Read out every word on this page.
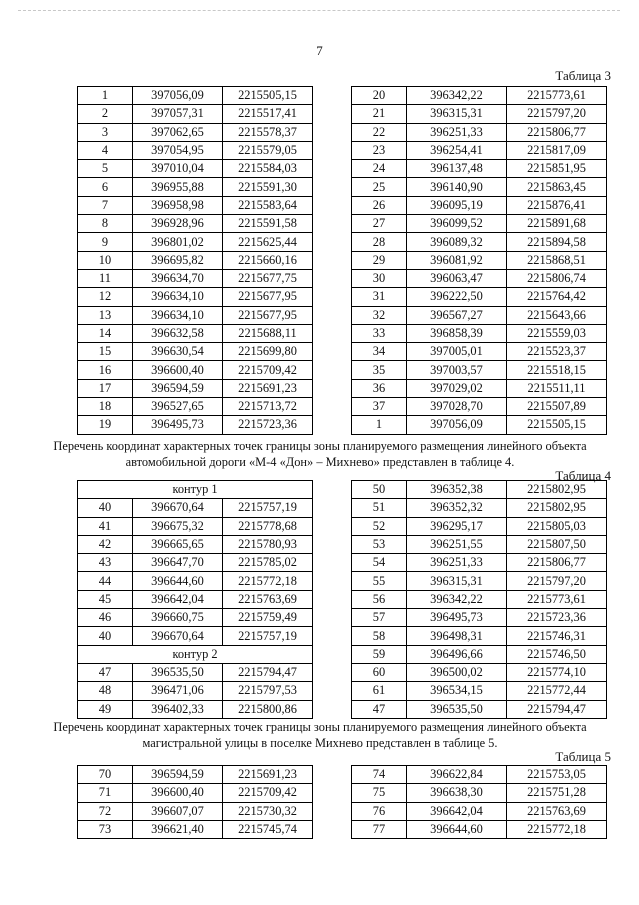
7
Таблица 3
1	397056,09	2215505,15
2	397057,31	2215517,41
3	397062,65	2215578,37
4	397054,95	2215579,05
5	397010,04	2215584,03
6	396955,88	2215591,30
7	396958,98	2215583,64
8	396928,96	2215591,58
9	396801,02	2215625,44
10	396695,82	2215660,16
11	396634,70	2215677,75
12	396634,10	2215677,95
13	396634,10	2215677,95
14	396632,58	2215688,11
15	396630,54	2215699,80
16	396600,40	2215709,42
17	396594,59	2215691,23
18	396527,65	2215713,72
19	396495,73	2215723,36
20	396342,22	2215773,61
21	396315,31	2215797,20
22	396251,33	2215806,77
23	396254,41	2215817,09
24	396137,48	2215851,95
25	396140,90	2215863,45
26	396095,19	2215876,41
27	396099,52	2215891,68
28	396089,32	2215894,58
29	396081,92	2215868,51
30	396063,47	2215806,74
31	396222,50	2215764,42
32	396567,27	2215643,66
33	396858,39	2215559,03
34	397005,01	2215523,37
35	397003,57	2215518,15
36	397029,02	2215511,11
37	397028,70	2215507,89
1	397056,09	2215505,15
Перечень координат характерных точек границы зоны планируемого размещения линейного объекта автомобильной дороги «М-4 «Дон» – Михнево» представлен в таблице 4.
Таблица 4
контур 1		
40	396670,64	2215757,19
41	396675,32	2215778,68
42	396665,65	2215780,93
43	396647,70	2215785,02
44	396644,60	2215772,18
45	396642,04	2215763,69
46	396660,75	2215759,49
40	396670,64	2215757,19
контур 2		
47	396535,50	2215794,47
48	396471,06	2215797,53
49	396402,33	2215800,86
50	396352,38	2215802,95
51	396352,32	2215802,95
52	396295,17	2215805,03
53	396251,55	2215807,50
54	396251,33	2215806,77
55	396315,31	2215797,20
56	396342,22	2215773,61
57	396495,73	2215723,36
58	396498,31	2215746,31
59	396496,66	2215746,50
60	396500,02	2215774,10
61	396534,15	2215772,44
47	396535,50	2215794,47
Перечень координат характерных точек границы зоны планируемого размещения линейного объекта магистральной улицы в поселке Михнево представлен в таблице 5.
Таблица 5
70	396594,59	2215691,23
71	396600,40	2215709,42
72	396607,07	2215730,32
73	396621,40	2215745,74
74	396622,84	2215753,05
75	396638,30	2215751,28
76	396642,04	2215763,69
77	396644,60	2215772,18
